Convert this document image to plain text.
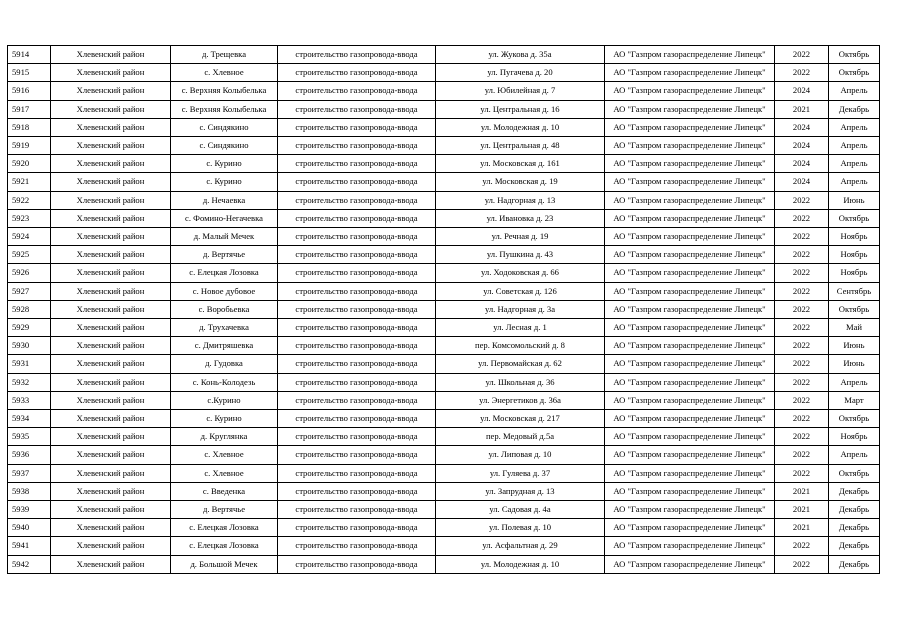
5914	Хлевенский район	д. Трещевка	строительство газопровода-ввода	ул. Жукова д. 35а	АО "Газпром газораспределение Липецк"	2022	Октябрь
5915	Хлевенский район	с. Хлевное	строительство газопровода-ввода	ул. Пугачева д. 20	АО "Газпром газораспределение Липецк"	2022	Октябрь
5916	Хлевенский район	с. Верхняя Колыбелька	строительство газопровода-ввода	ул. Юбилейная д. 7	АО "Газпром газораспределение Липецк"	2024	Апрель
5917	Хлевенский район	с. Верхняя Колыбелька	строительство газопровода-ввода	ул. Центральная д. 16	АО "Газпром газораспределение Липецк"	2021	Декабрь
5918	Хлевенский район	с. Синдякино	строительство газопровода-ввода	ул. Молодежная д. 10	АО "Газпром газораспределение Липецк"	2024	Апрель
5919	Хлевенский район	с. Синдякино	строительство газопровода-ввода	ул. Центральная д. 48	АО "Газпром газораспределение Липецк"	2024	Апрель
5920	Хлевенский район	с. Курино	строительство газопровода-ввода	ул. Московская д. 161	АО "Газпром газораспределение Липецк"	2024	Апрель
5921	Хлевенский район	с. Курино	строительство газопровода-ввода	ул. Московская д. 19	АО "Газпром газораспределение Липецк"	2024	Апрель
5922	Хлевенский район	д. Нечаевка	строительство газопровода-ввода	ул. Надгорная д. 13	АО "Газпром газораспределение Липецк"	2022	Июнь
5923	Хлевенский район	с. Фомино-Негачевка	строительство газопровода-ввода	ул. Ивановка д. 23	АО "Газпром газораспределение Липецк"	2022	Октябрь
5924	Хлевенский район	д. Малый Мечек	строительство газопровода-ввода	ул. Речная д. 19	АО "Газпром газораспределение Липецк"	2022	Ноябрь
5925	Хлевенский район	д. Вертячье	строительство газопровода-ввода	ул. Пушкина д. 43	АО "Газпром газораспределение Липецк"	2022	Ноябрь
5926	Хлевенский район	с. Елецкая Лозовка	строительство газопровода-ввода	ул. Ходоковская д. 66	АО "Газпром газораспределение Липецк"	2022	Ноябрь
5927	Хлевенский район	с. Новое дубовое	строительство газопровода-ввода	ул. Советская д. 126	АО "Газпром газораспределение Липецк"	2022	Сентябрь
5928	Хлевенский район	с. Воробьевка	строительство газопровода-ввода	ул. Надгорная д. 3а	АО "Газпром газораспределение Липецк"	2022	Октябрь
5929	Хлевенский район	д. Трухачевка	строительство газопровода-ввода	ул. Лесная д. 1	АО "Газпром газораспределение Липецк"	2022	Май
5930	Хлевенский район	с. Дмитряшевка	строительство газопровода-ввода	пер. Комсомольский д. 8	АО "Газпром газораспределение Липецк"	2022	Июнь
5931	Хлевенский район	д. Гудовка	строительство газопровода-ввода	ул. Первомайская д. 62	АО "Газпром газораспределение Липецк"	2022	Июнь
5932	Хлевенский район	с. Конь-Колодезь	строительство газопровода-ввода	ул. Школьная д. 36	АО "Газпром газораспределение Липецк"	2022	Апрель
5933	Хлевенский район	с.Курино	строительство газопровода-ввода	ул. Энергетиков д. 36а	АО "Газпром газораспределение Липецк"	2022	Март
5934	Хлевенский район	с. Курино	строительство газопровода-ввода	ул. Московская д. 217	АО "Газпром газораспределение Липецк"	2022	Октябрь
5935	Хлевенский район	д. Круглянка	строительство газопровода-ввода	пер. Медовый д.5а	АО "Газпром газораспределение Липецк"	2022	Ноябрь
5936	Хлевенский район	с. Хлевное	строительство газопровода-ввода	ул. Липовая д. 10	АО "Газпром газораспределение Липецк"	2022	Апрель
5937	Хлевенский район	с. Хлевное	строительство газопровода-ввода	ул. Гуляева д. 37	АО "Газпром газораспределение Липецк"	2022	Октябрь
5938	Хлевенский район	с. Введенка	строительство газопровода-ввода	ул. Запрудная д. 13	АО "Газпром газораспределение Липецк"	2021	Декабрь
5939	Хлевенский район	д. Вертячье	строительство газопровода-ввода	ул. Садовая д. 4а	АО "Газпром газораспределение Липецк"	2021	Декабрь
5940	Хлевенский район	с. Елецкая Лозовка	строительство газопровода-ввода	ул. Полевая д. 10	АО "Газпром газораспределение Липецк"	2021	Декабрь
5941	Хлевенский район	с. Елецкая Лозовка	строительство газопровода-ввода	ул. Асфальтная д. 29	АО "Газпром газораспределение Липецк"	2022	Декабрь
5942	Хлевенский район	д. Большой Мечек	строительство газопровода-ввода	ул. Молодежная д. 10	АО "Газпром газораспределение Липецк"	2022	Декабрь
